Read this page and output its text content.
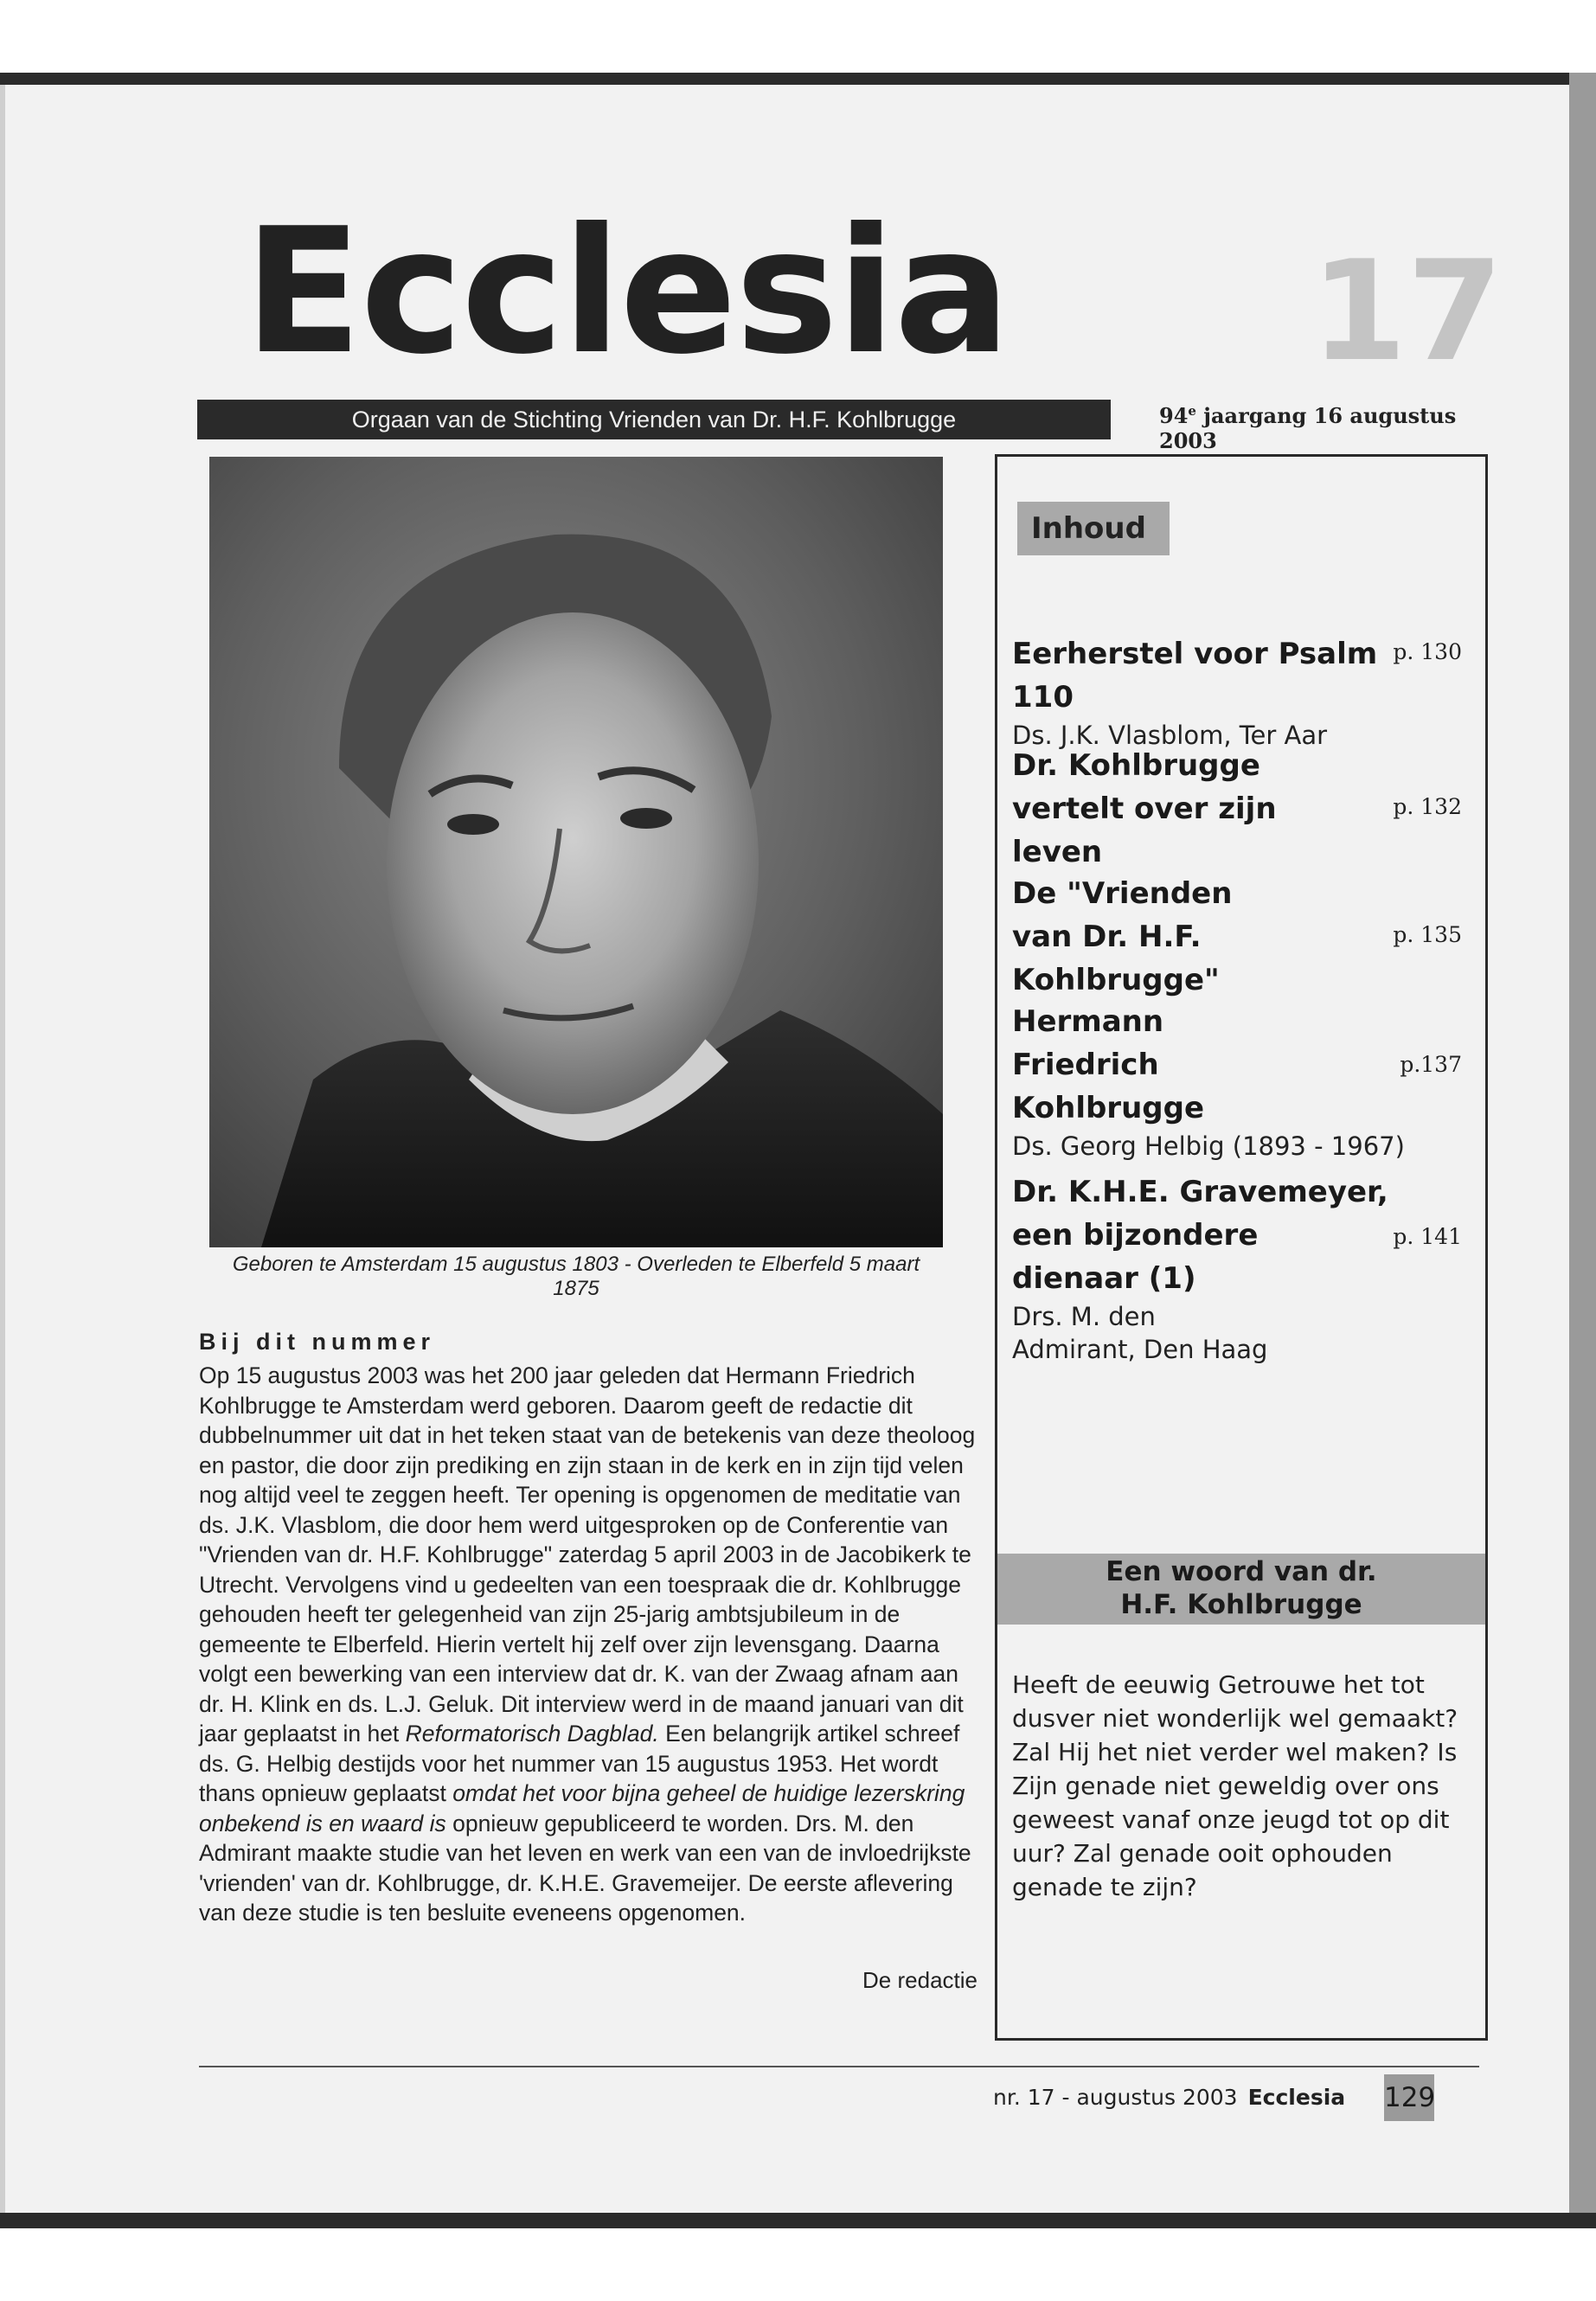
Ecclesia 17
Orgaan van de Stichting Vrienden van Dr. H.F. Kohlbrugge	94e jaargang 16 augustus 2003
Geboren te Amsterdam 15 augustus 1803 - Overleden te Elberfeld 5 maart 1875
Bij dit nummer
Op 15 augustus 2003 was het 200 jaar geleden dat Hermann Friedrich Kohlbrugge te Amsterdam werd geboren. Daarom geeft de redactie dit dubbelnummer uit dat in het teken staat van de betekenis van deze theoloog en pastor, die door zijn prediking en zijn staan in de kerk en in zijn tijd velen nog altijd veel te zeggen heeft. Ter opening is opgenomen de meditatie van ds. J.K. Vlasblom, die door hem werd uitgesproken op de Conferentie van "Vrienden van dr. H.F. Kohlbrugge" zaterdag 5 april 2003 in de Jacobikerk te Utrecht. Vervolgens vind u gedeelten van een toespraak die dr. Kohlbrugge gehouden heeft ter gelegenheid van zijn 25-jarig ambtsjubileum in de gemeente te Elberfeld. Hierin vertelt hij zelf over zijn levensgang. Daarna volgt een bewerking van een interview dat dr. K. van der Zwaag afnam aan dr. H. Klink en ds. L.J. Geluk. Dit interview werd in de maand januari van dit jaar geplaatst in het Reformatorisch Dagblad. Een belangrijk artikel schreef ds. G. Helbig destijds voor het nummer van 15 augustus 1953. Het wordt thans opnieuw geplaatst omdat het voor bijna geheel de huidige lezerskring onbekend is en waard is opnieuw gepubliceerd te worden. Drs. M. den Admirant maakte studie van het leven en werk van een van de invloedrijkste 'vrienden' van dr. Kohlbrugge, dr. K.H.E. Gravemeijer. De eerste aflevering van deze studie is ten besluite eveneens opgenomen.
De redactie
Inhoud
Eerherstel voor Psalm 110
p. 130
Ds. J.K. Vlasblom, Ter Aar
Dr. Kohlbrugge vertelt over zijn leven
p. 132
De "Vrienden van Dr. H.F. Kohlbrugge"
p. 135
Hermann Friedrich Kohlbrugge
p.137
Ds. Georg Helbig (1893 - 1967)
Dr. K.H.E. Gravemeyer, een bijzondere dienaar (1)
p. 141
Drs. M. den Admirant, Den Haag
Een woord van dr. H.F. Kohlbrugge
Heeft de eeuwig Getrouwe het tot dusver niet wonderlijk wel gemaakt? Zal Hij het niet verder wel maken? Is Zijn genade niet geweldig over ons geweest vanaf onze jeugd tot op dit uur? Zal genade ooit ophouden genade te zijn?
nr. 17 - augustus 2003 Ecclesia 129
